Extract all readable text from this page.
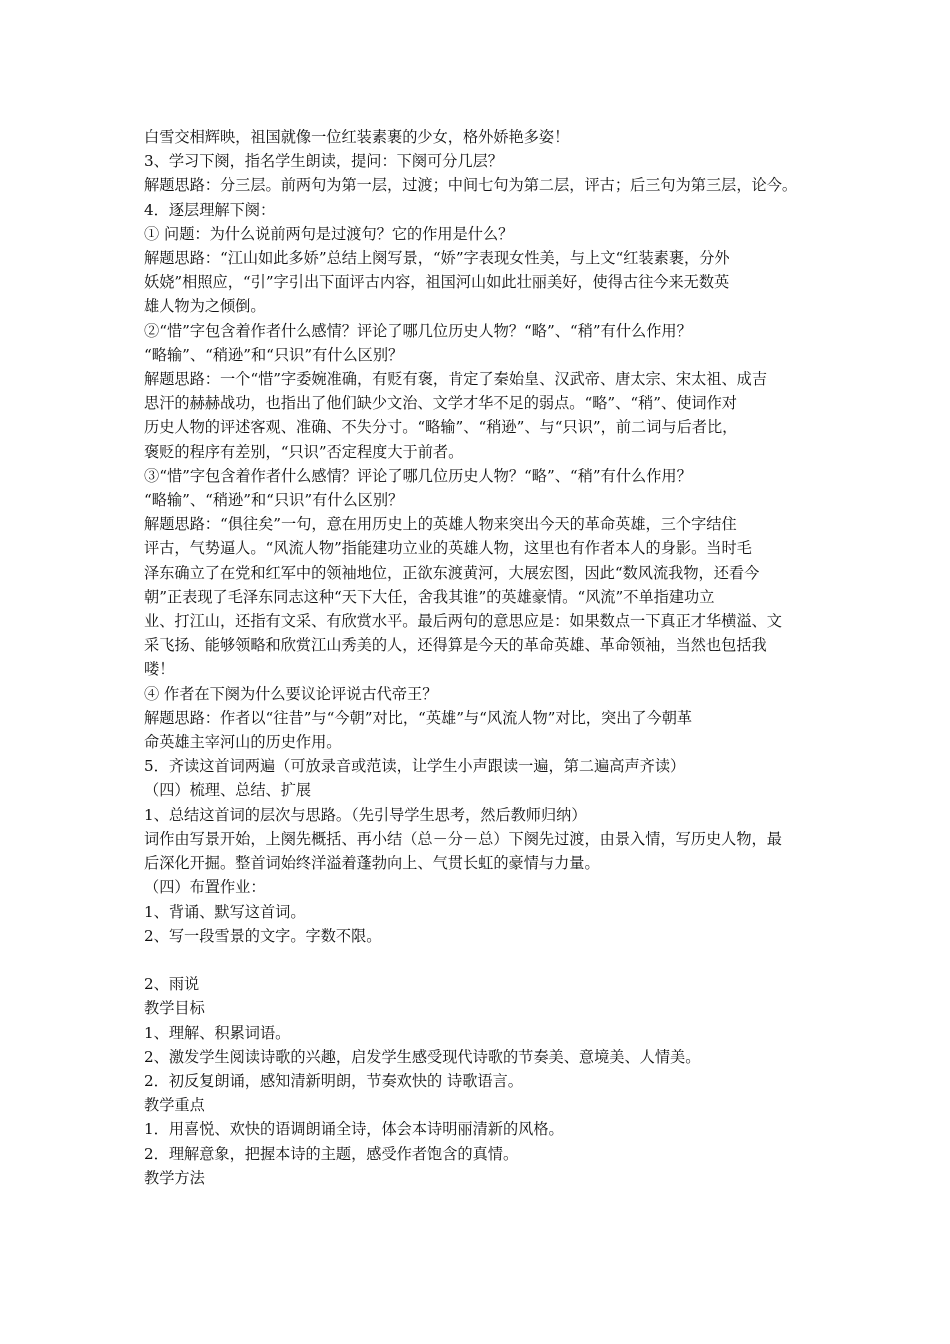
白雪交相辉映，祖国就像一位红装素裹的少女，格外娇艳多姿！

3、学习下阕，指名学生朗读，提问：下阕可分几层？

解题思路：分三层。前两句为第一层，过渡；中间七句为第二层，评古；后三句为第三层，论今。

4．逐层理解下阕：

① 问题：为什么说前两句是过渡句？它的作用是什么？

解题思路：“江山如此多娇”总结上阕写景，“娇”字表现女性美，与上文“红装素裹，分外

妖娆”相照应，“引”字引出下面评古内容，祖国河山如此壮丽美好，使得古往今来无数英

雄人物为之倾倒。

②“惜”字包含着作者什么感情？评论了哪几位历史人物？“略”、“稍”有什么作用？

“略输”、“稍逊”和“只识”有什么区别？

解题思路：一个“惜”字委婉准确，有贬有褒，肯定了秦始皇、汉武帝、唐太宗、宋太祖、成吉

思汗的赫赫战功，也指出了他们缺少文治、文学才华不足的弱点。“略”、“稍”、使词作对

历史人物的评述客观、准确、不失分寸。“略输”、“稍逊”、与“只识”，前二词与后者比，

褒贬的程序有差别，“只识”否定程度大于前者。

③“惜”字包含着作者什么感情？评论了哪几位历史人物？“略”、“稍”有什么作用？

“略输”、“稍逊”和“只识”有什么区别？

解题思路：“俱往矣”一句，意在用历史上的英雄人物来突出今天的革命英雄，三个字结住

评古，气势逼人。“风流人物”指能建功立业的英雄人物，这里也有作者本人的身影。当时毛

泽东确立了在党和红军中的领袖地位，正欲东渡黄河，大展宏图，因此“数风流我物，还看今

朝”正表现了毛泽东同志这种“天下大任，舍我其谁”的英雄豪情。“风流”不单指建功立

业、打江山，还指有文采、有欣赏水平。最后两句的意思应是：如果数点一下真正才华横溢、文

采飞扬、能够领略和欣赏江山秀美的人，还得算是今天的革命英雄、革命领袖，当然也包括我

喽！

④ 作者在下阕为什么要议论评说古代帝王？

解题思路：作者以“往昔”与“今朝”对比，“英雄”与“风流人物”对比，突出了今朝革

命英雄主宰河山的历史作用。

5．齐读这首词两遍（可放录音或范读，让学生小声跟读一遍，第二遍高声齐读）

（四）梳理、总结、扩展

1、总结这首词的层次与思路。（先引导学生思考，然后教师归纳）

词作由写景开始，上阕先概括、再小结（总－分－总）下阕先过渡，由景入情，写历史人物，最

后深化开掘。整首词始终洋溢着蓬勃向上、气贯长虹的豪情与力量。

（四）布置作业：

1、背诵、默写这首词。

2、写一段雪景的文字。字数不限。

2、雨说

教学目标

1、理解、积累词语。

2、激发学生阅读诗歌的兴趣，启发学生感受现代诗歌的节奏美、意境美、人情美。

2．初反复朗诵，感知清新明朗，节奏欢快的 诗歌语言。

教学重点

1．用喜悦、欢快的语调朗诵全诗，体会本诗明丽清新的风格。

2．理解意象，把握本诗的主题，感受作者饱含的真情。

教学方法
